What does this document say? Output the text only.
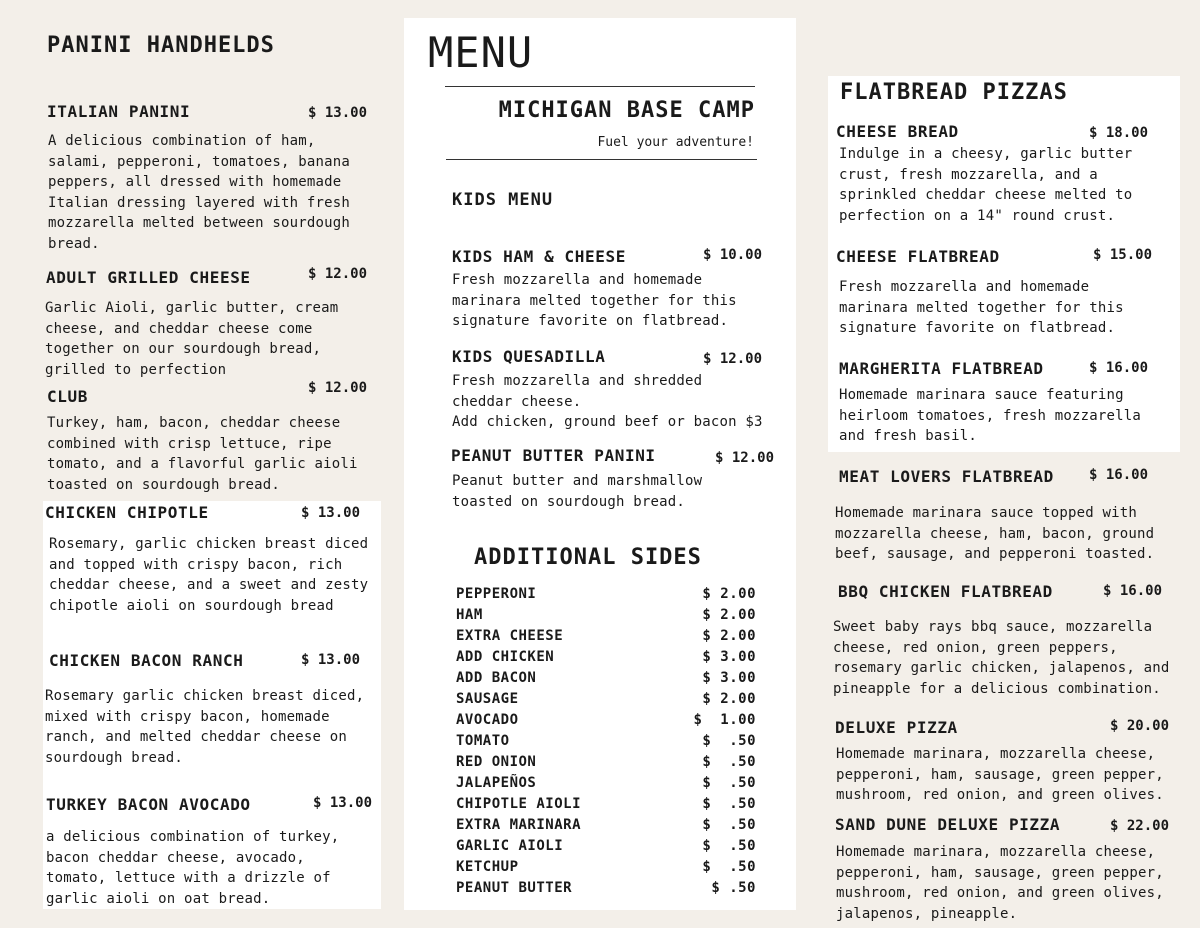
PANINI HANDHELDS
ITALIAN PANINI	$ 13.00
A delicious combination of ham, salami, pepperoni, tomatoes, banana peppers, all dressed with homemade Italian dressing layered with fresh mozzarella melted between sourdough bread.
ADULT GRILLED CHEESE	$ 12.00
Garlic Aioli, garlic butter, cream cheese, and cheddar cheese come together on our sourdough bread, grilled to perfection
CLUB	$ 12.00
Turkey, ham, bacon, cheddar cheese combined with crisp lettuce, ripe tomato, and a flavorful garlic aioli toasted on sourdough bread.
CHICKEN CHIPOTLE	$ 13.00
Rosemary, garlic chicken breast diced and topped with crispy bacon, rich cheddar cheese, and a sweet and zesty chipotle aioli on sourdough bread
CHICKEN BACON RANCH	$ 13.00
Rosemary garlic chicken breast diced, mixed with crispy bacon, homemade ranch, and melted cheddar cheese on sourdough bread.
TURKEY BACON AVOCADO	$ 13.00
a delicious combination of turkey, bacon cheddar cheese, avocado, tomato, lettuce with a drizzle of garlic aioli on oat bread.
MENU
MICHIGAN BASE CAMP
Fuel your adventure!
KIDS MENU
KIDS HAM & CHEESE	$ 10.00
Fresh mozzarella and homemade marinara melted together for this signature favorite on flatbread.
KIDS QUESADILLA	$ 12.00
Fresh mozzarella and shredded cheddar cheese.
Add chicken, ground beef or bacon $3
PEANUT BUTTER PANINI	$ 12.00
Peanut butter and marshmallow toasted on sourdough bread.
ADDITIONAL SIDES
PEPPERONI	$ 2.00
HAM	$ 2.00
EXTRA CHEESE	$ 2.00
ADD CHICKEN	$ 3.00
ADD BACON	$ 3.00
SAUSAGE	$ 2.00
AVOCADO	$  1.00
TOMATO	$  .50
RED ONION	$  .50
JALAPEÑOS	$  .50
CHIPOTLE AIOLI	$  .50
EXTRA MARINARA	$  .50
GARLIC AIOLI	$  .50
KETCHUP	$  .50
PEANUT BUTTER	$ .50
FLATBREAD PIZZAS
CHEESE BREAD	$ 18.00
Indulge in a cheesy, garlic butter crust, fresh mozzarella, and a sprinkled cheddar cheese melted to perfection on a 14" round crust.
CHEESE FLATBREAD	$ 15.00
Fresh mozzarella and homemade marinara melted together for this signature favorite on flatbread.
MARGHERITA FLATBREAD	$ 16.00
Homemade marinara sauce featuring heirloom tomatoes, fresh mozzarella and fresh basil.
MEAT LOVERS FLATBREAD	$ 16.00
Homemade marinara sauce topped with mozzarella cheese, ham, bacon, ground beef, sausage, and pepperoni toasted.
BBQ CHICKEN FLATBREAD	$ 16.00
Sweet baby rays bbq sauce, mozzarella cheese, red onion, green peppers, rosemary garlic chicken, jalapenos, and pineapple for a delicious combination.
DELUXE PIZZA	$ 20.00
Homemade marinara, mozzarella cheese, pepperoni, ham, sausage, green pepper, mushroom, red onion, and green olives.
SAND DUNE DELUXE PIZZA	$ 22.00
Homemade marinara, mozzarella cheese, pepperoni, ham, sausage, green pepper, mushroom, red onion, and green olives, jalapenos, pineapple.
